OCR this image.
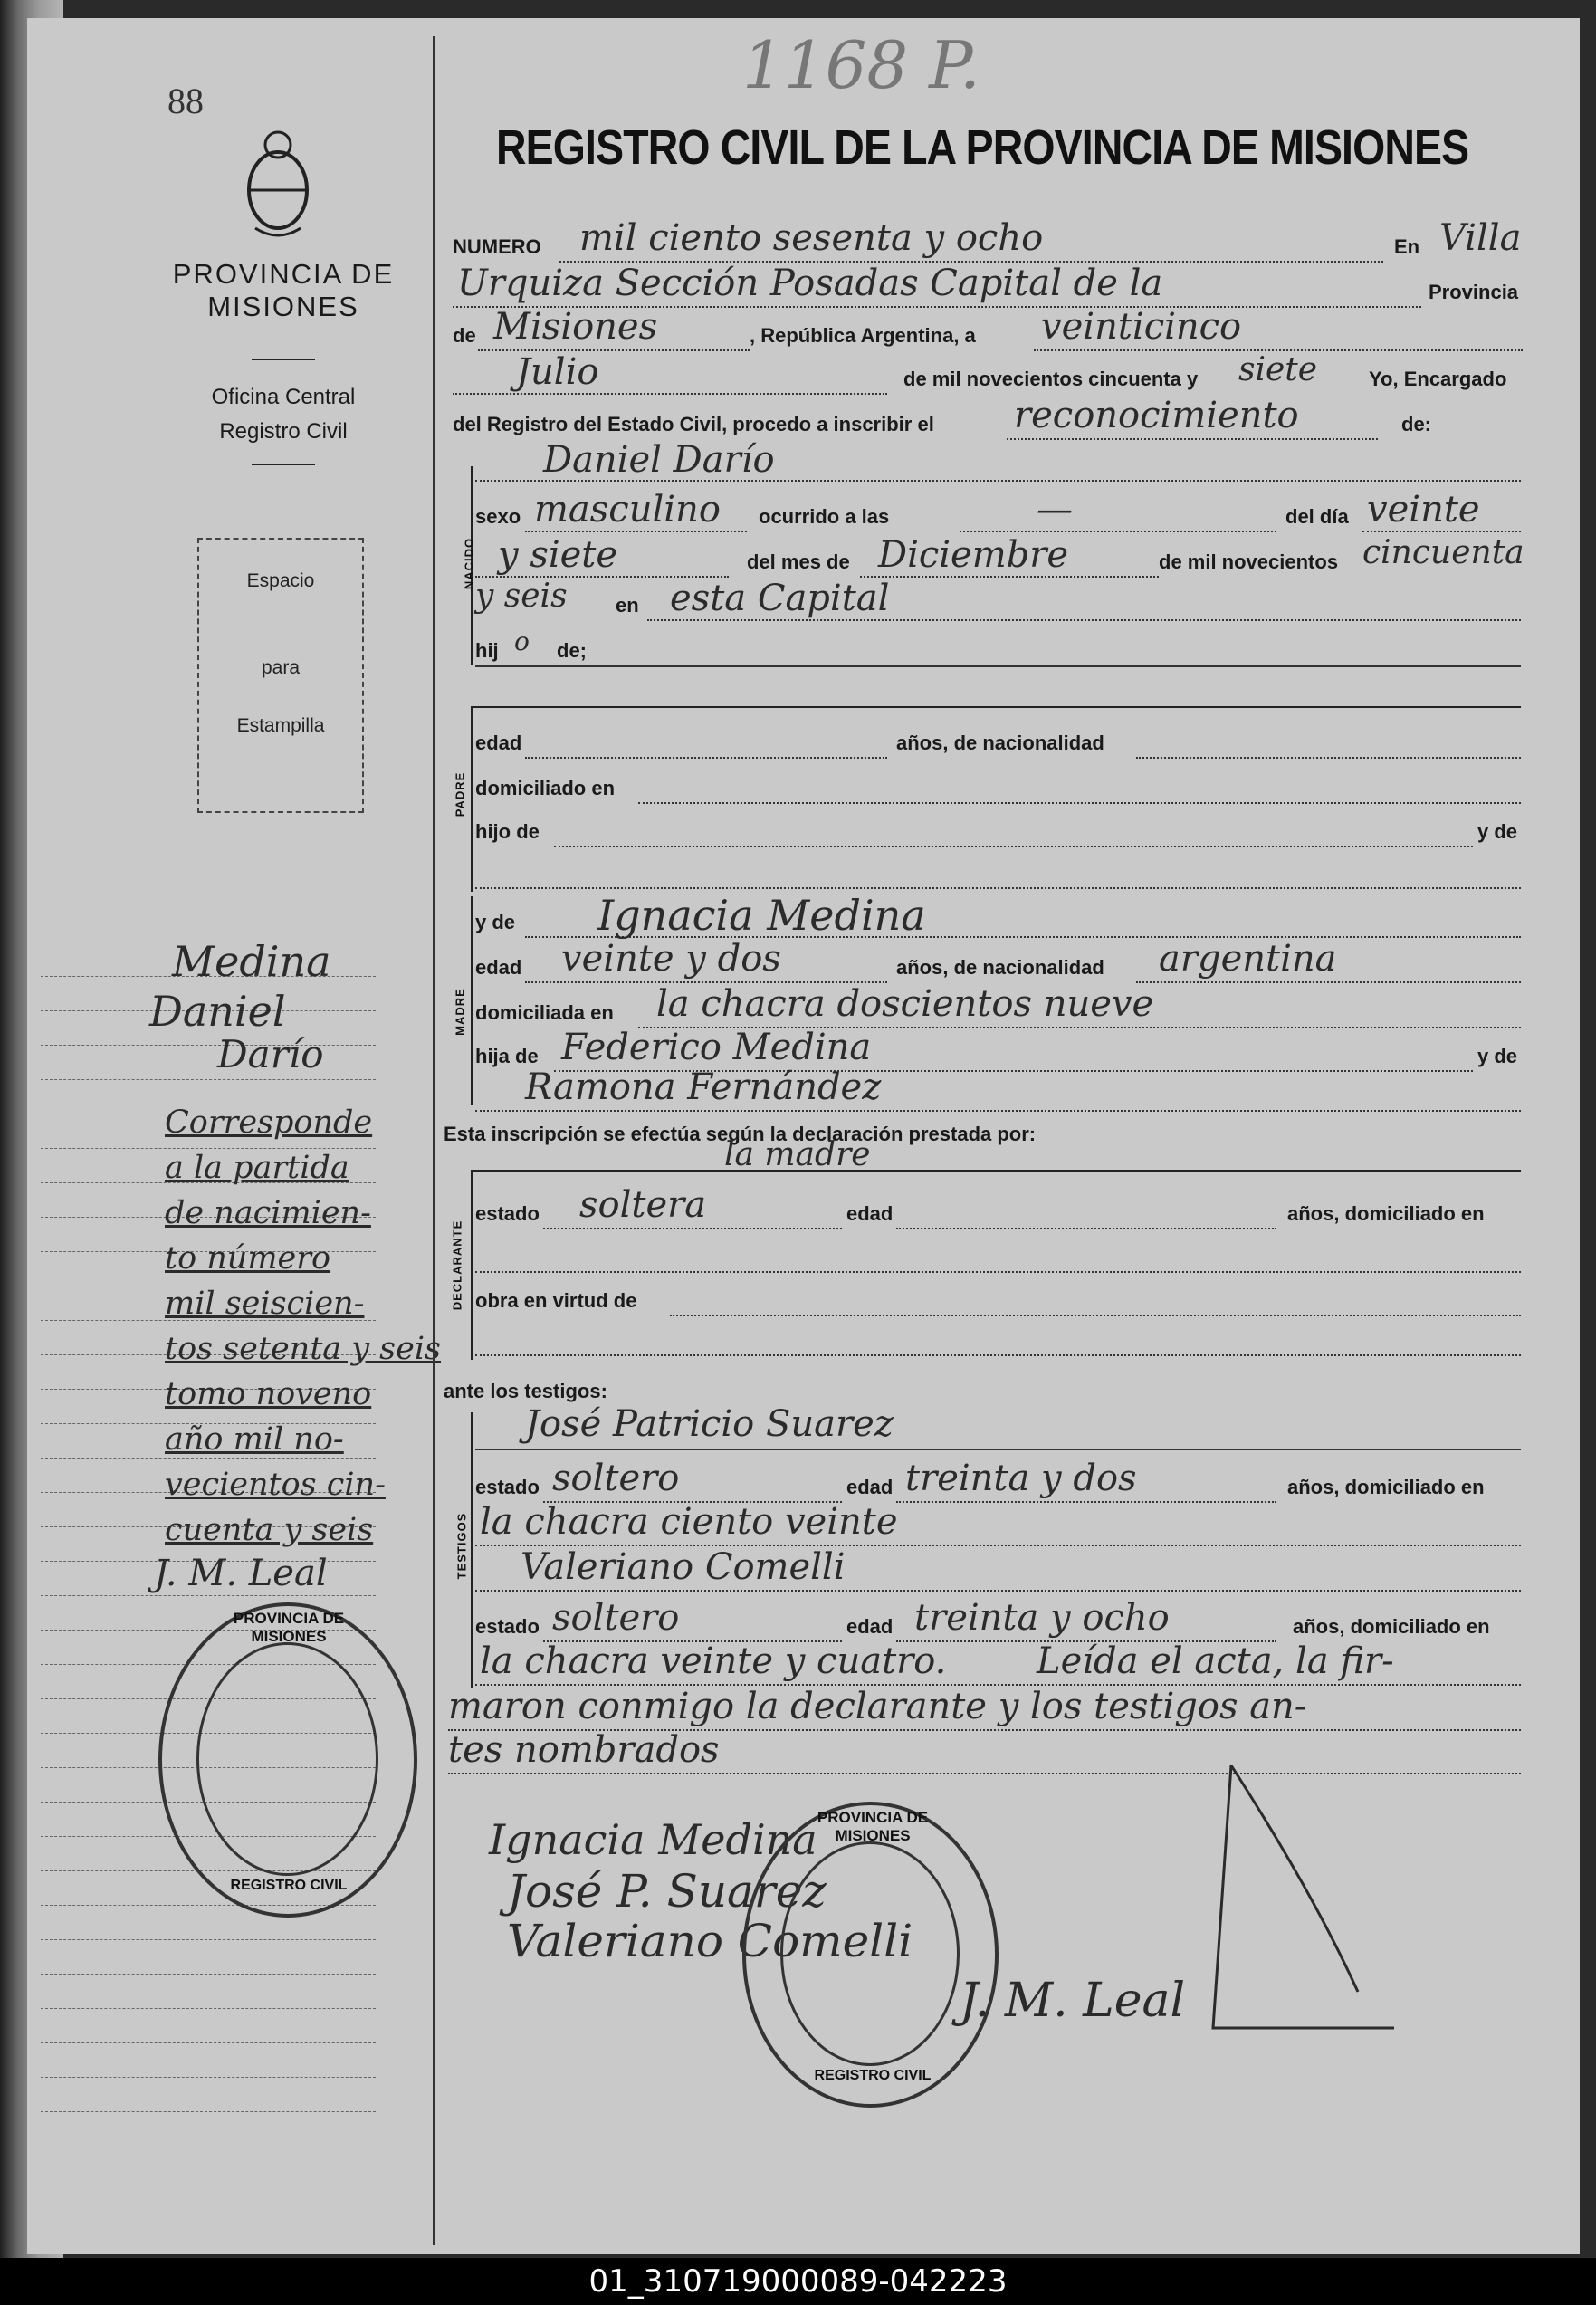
88	1168 P.
PROVINCIA DE
MISIONES
Oficina Central
Registro Civil
Espacio
para
Estampilla
Medina
Daniel
Darío
Corresponde
a la partida
de nacimien-
to número
mil seiscien-
tos setenta y seis
tomo noveno
año mil no-
vecientos cin-
cuenta y seis
J. M. Leal
PROVINCIA DE MISIONES
REGISTRO CIVIL
REGISTRO CIVIL DE LA PROVINCIA DE MISIONES
NUMERO mil ciento sesenta y ocho	En Villa
Urquiza Sección Posadas Capital de la	Provincia
de Misiones	, República Argentina, a veinticinco
Julio	de mil novecientos cincuenta y siete	Yo, Encargado
del Registro del Estado Civil, procedo a inscribir el reconocimiento	de:
NACIDO
Daniel Darío
sexo masculino ocurrido a las	—	del día veinte
y siete	del mes de Diciembre	de mil novecientos cincuenta
y seis en esta Capital
hij o de;
PADRE
edad	años, de nacionalidad
domiciliado en
hijo de	y de
MADRE
y de Ignacia Medina
edad veinte y dos	años, de nacionalidad argentina
domiciliada en la chacra doscientos nueve
hija de Federico Medina	y de
Ramona Fernández
Esta inscripción se efectúa según la declaración prestada por:
la madre
DECLARANTE
estado soltera	edad	años, domiciliado en
obra en virtud de
ante los testigos:
TESTIGOS
José Patricio Suarez
estado soltero	edad treinta y dos	años, domiciliado en
la chacra ciento veinte
Valeriano Comelli
estado soltero	edad treinta y ocho	años, domiciliado en
la chacra veinte y cuatro. Leída el acta, la fir-
maron conmigo la declarante y los testigos an-
tes nombrados
Ignacia Medina
José P. Suarez
Valeriano Comelli
J. M. Leal
PROVINCIA DE MISIONES
REGISTRO CIVIL
01_310719000089-042223
